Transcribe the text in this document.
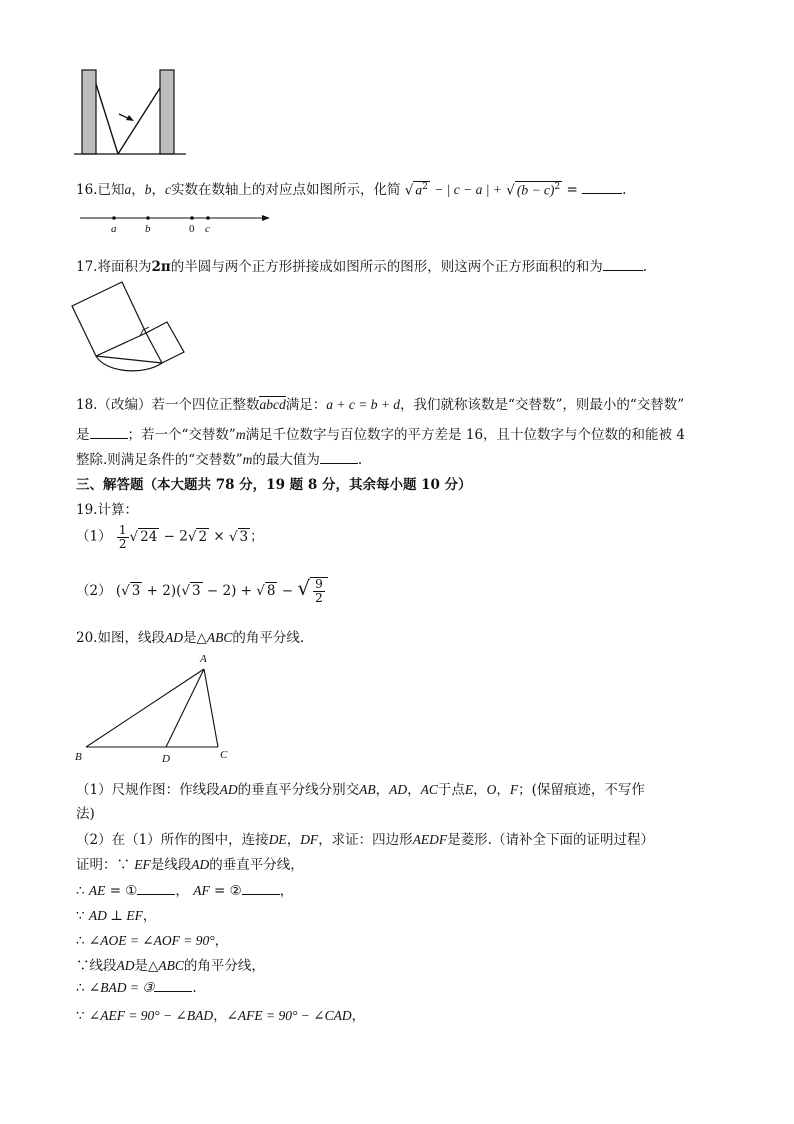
16.已知a，b，c实数在数轴上的对应点如图所示，化简 √ $a^2$ − | c − a | + √ $(b - c)^2$ =	.
a	b	0 c
17.将面积为2π的半圆与两个正方形拼接成如图所示的图形，则这两个正方形面积的和为	.
18.（改编）若一个四位正整数abcd满足：a + c = b + d，我们就称该数是“交替数”，则最小的“交替数”
是	；若一个“交替数”m满足千位数字与百位数字的平方差是 16，且十位数字与个位数的和能被 4
整除.则满足条件的“交替数”m的最大值为	.
三、解答题（本大题共 78 分，19 题 8 分，其余每小题 10 分）
19.计算：
$(1) \frac{1}{2}$ √ 24 − 2√ 2 × √ 3 ；
（2） (√ 3 + 2)(√ 3 − 2) + √ 8 − √ $\frac{9}{2}$
20.如图，线段AD是△ABC的角平分线.
A
B	C
D
（1）尺规作图：作线段AD的垂直平分线分别交AB，AD，AC于点E，O，F；(保留痕迹，不写作
法)
（2）在（1）所作的图中，连接DE，DF，求证：四边形AEDF是菱形.（请补全下面的证明过程）
证明：∵ EF是线段AD的垂直平分线，
∴ AE = ①	， AF = ②	，
∵ AD ⊥ EF，
∴ ∠AOE = ∠AOF = 90°，
∵线段AD是△ABC的角平分线，
∴ ∠BAD = ③	.
∵ ∠AEF = 90° − ∠BAD，∠AFE = 90° − ∠CAD，
